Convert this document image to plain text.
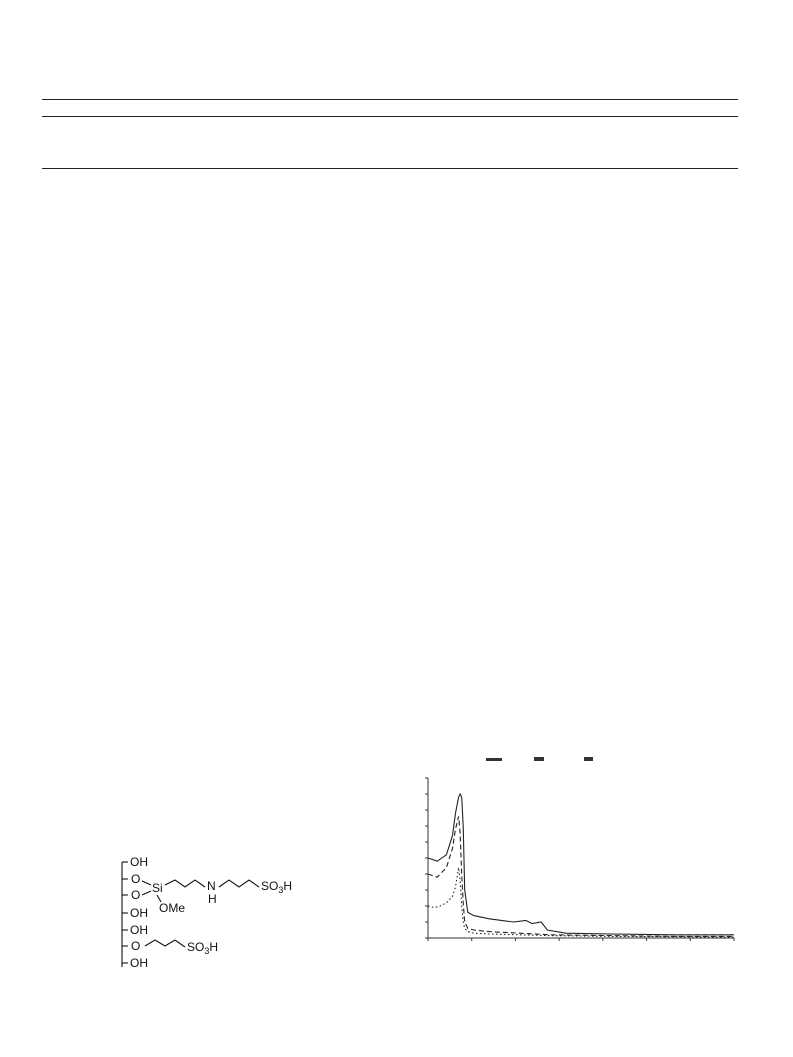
OH
O
Si
O
OMe
N
H
$SO_3H$
OH
OH
O	$SO_3H$
OH
